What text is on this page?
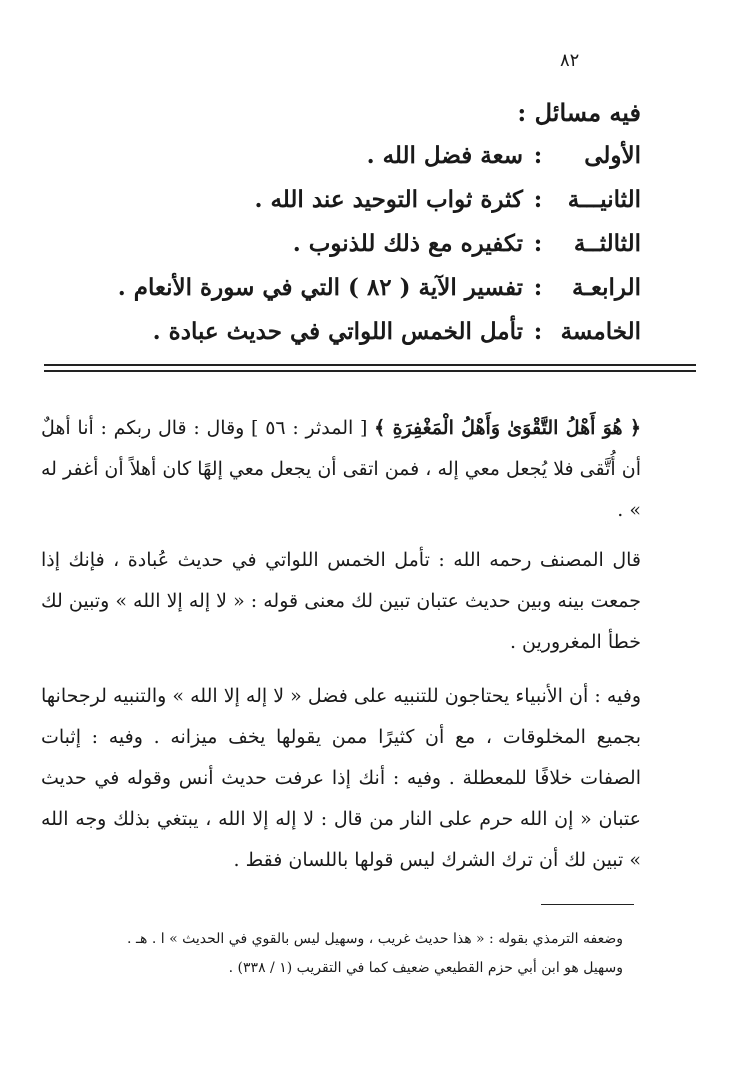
٨٢
فيه مسائل :
الأولى
:
سعة فضل الله .
الثانيـــة
:
كثرة ثواب التوحيد عند الله .
الثالثــة
:
تكفيره مع ذلك للذنوب .
الرابعـة
:
تفسير الآية ( ٨٢ ) التي في سورة الأنعام .
الخامسة
:
تأمل الخمس اللواتي في حديث عبادة .
﴿ هُوَ أَهْلُ التَّقْوَىٰ وَأَهْلُ الْمَغْفِرَةِ ﴾ [ المدثر : ٥٦ ] وقال : قال ربكم : أنا أهلٌ أن أُتَّقى فلا يُجعل معي إله ، فمن اتقى أن يجعل معي إلهًا كان أهلاً أن أغفر له » .
قال المصنف رحمه الله : تأمل الخمس اللواتي في حديث عُبادة ، فإنك إذا جمعت بينه وبين حديث عتبان تبين لك معنى قوله : « لا إله إلا الله » وتبين لك خطأ المغرورين .
وفيه : أن الأنبياء يحتاجون للتنبيه على فضل « لا إله إلا الله » والتنبيه لرجحانها بجميع المخلوقات ، مع أن كثيرًا ممن يقولها يخف ميزانه . وفيه : إثبات الصفات خلافًا للمعطلة . وفيه : أنك إذا عرفت حديث أنس وقوله في حديث عتبان « إن الله حرم على النار من قال : لا إله إلا الله ، يبتغي بذلك وجه الله » تبين لك أن ترك الشرك ليس قولها باللسان فقط .
وضعفه الترمذي بقوله : « هذا حديث غريب ، وسهيل ليس بالقوي في الحديث » ا . هـ .
وسهيل هو ابن أبي حزم القطيعي ضعيف كما في التقريب (١ / ٣٣٨) .
